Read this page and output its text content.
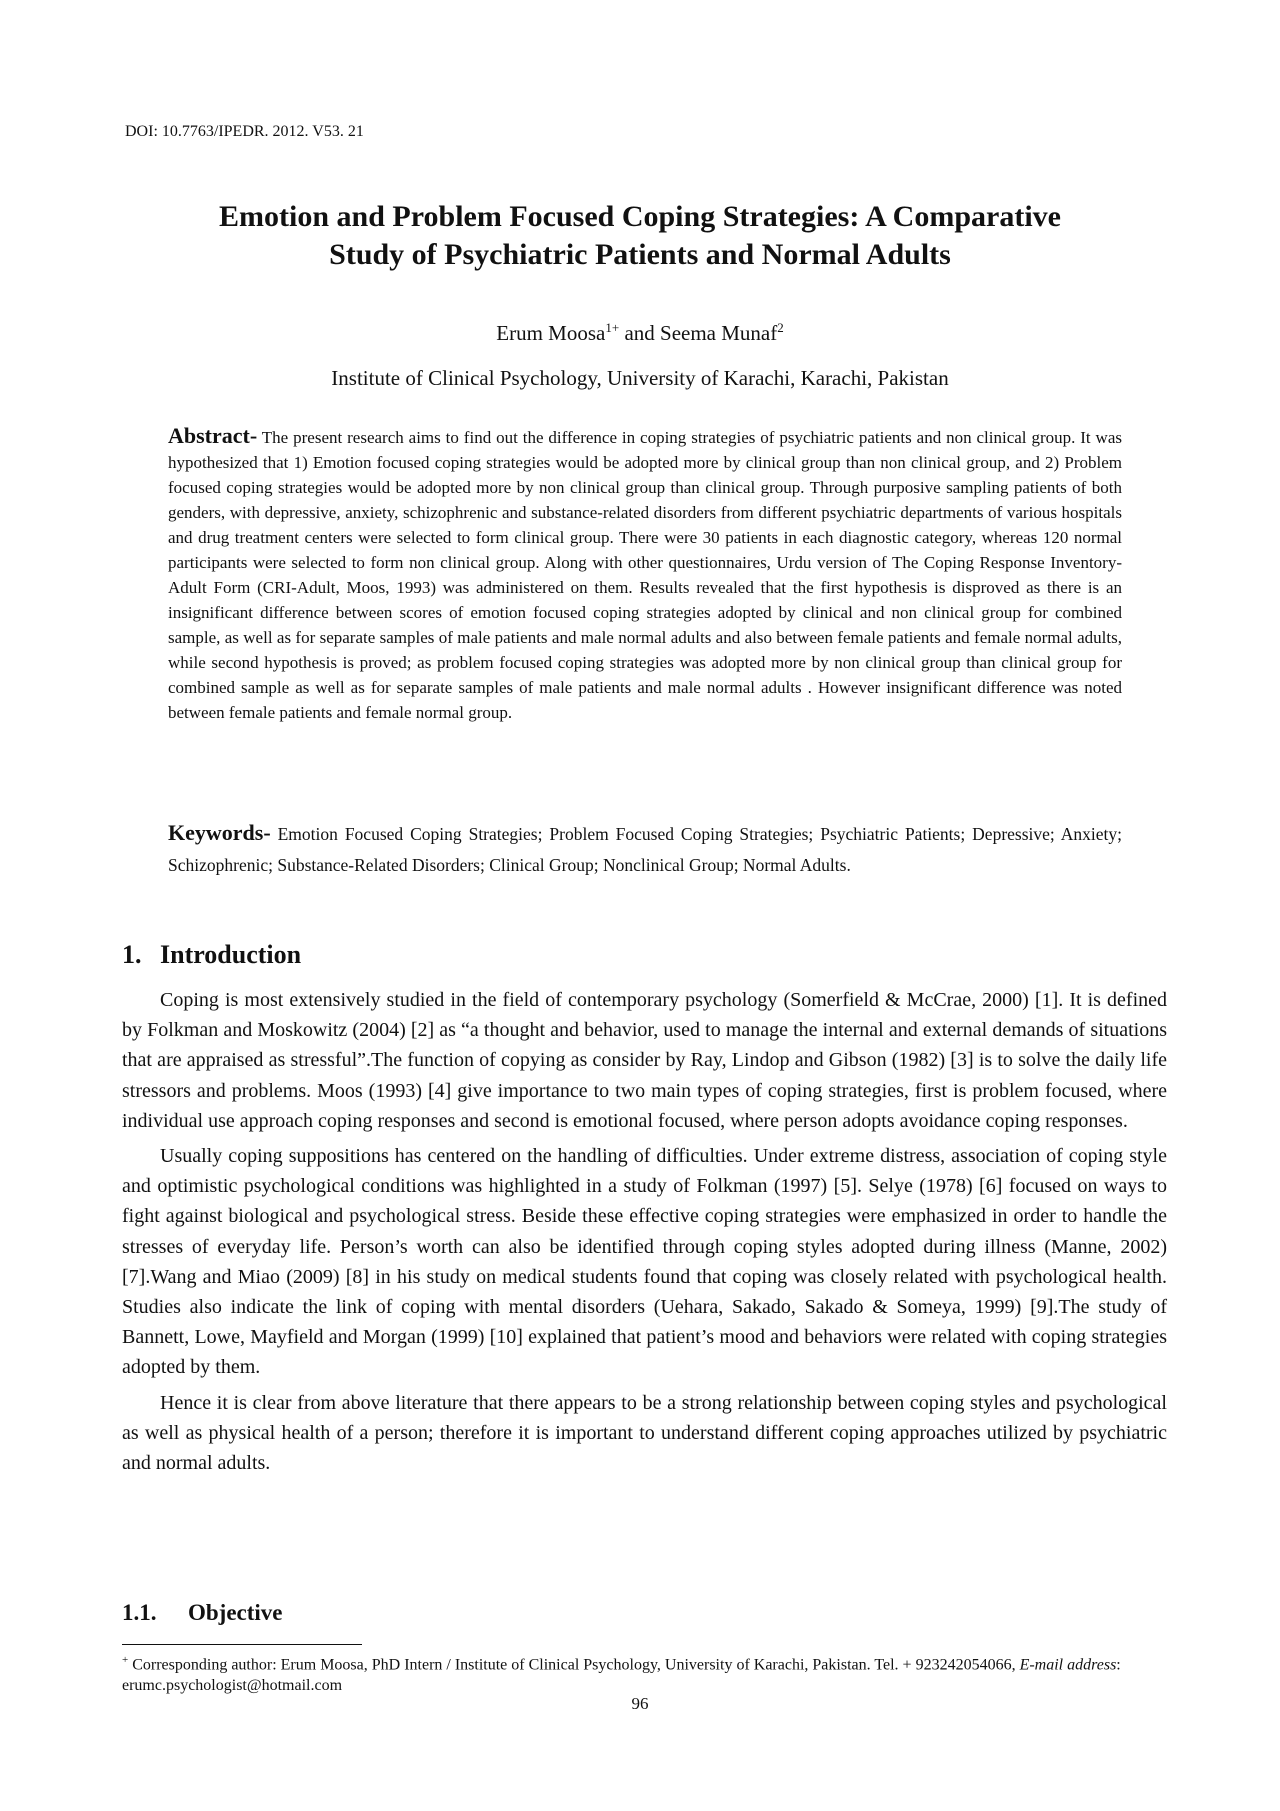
DOI: 10.7763/IPEDR. 2012. V53. 21
Emotion and Problem Focused Coping Strategies: A Comparative
Study of Psychiatric Patients and Normal Adults
Erum Moosa$^{1+}$ and Seema Munaf$^2$
Institute of Clinical Psychology, University of Karachi, Karachi, Pakistan

Abstract- The present research aims to find out the difference in coping strategies of psychiatric patients and non clinical group. It was hypothesized that 1) Emotion focused coping strategies would be adopted more by clinical group than non clinical group, and 2) Problem focused coping strategies would be adopted more by non clinical group than clinical group. Through purposive sampling patients of both genders, with depressive, anxiety, schizophrenic and substance-related disorders from different psychiatric departments of various hospitals and drug treatment centers were selected to form clinical group. There were 30 patients in each diagnostic category, whereas 120 normal participants were selected to form non clinical group. Along with other questionnaires, Urdu version of The Coping Response Inventory-Adult Form (CRI-Adult, Moos, 1993) was administered on them. Results revealed that the first hypothesis is disproved as there is an insignificant difference between scores of emotion focused coping strategies adopted by clinical and non clinical group for combined sample, as well as for separate samples of male patients and male normal adults and also between female patients and female normal adults, while second hypothesis is proved; as problem focused coping strategies was adopted more by non clinical group than clinical group for combined sample as well as for separate samples of male patients and male normal adults . However insignificant difference was noted between female patients and female normal group.

Keywords- Emotion Focused Coping Strategies; Problem Focused Coping Strategies; Psychiatric Patients; Depressive; Anxiety; Schizophrenic; Substance-Related Disorders; Clinical Group; Nonclinical Group; Normal Adults.

1. Introduction

Coping is most extensively studied in the field of contemporary psychology (Somerfield & McCrae, 2000) [1]. It is defined by Folkman and Moskowitz (2004) [2] as “a thought and behavior, used to manage the internal and external demands of situations that are appraised as stressful”.The function of copying as consider by Ray, Lindop and Gibson (1982) [3] is to solve the daily life stressors and problems. Moos (1993) [4] give importance to two main types of coping strategies, first is problem focused, where individual use approach coping responses and second is emotional focused, where person adopts avoidance coping responses.

Usually coping suppositions has centered on the handling of difficulties. Under extreme distress, association of coping style and optimistic psychological conditions was highlighted in a study of Folkman (1997) [5]. Selye (1978) [6] focused on ways to fight against biological and psychological stress. Beside these effective coping strategies were emphasized in order to handle the stresses of everyday life. Person’s worth can also be identified through coping styles adopted during illness (Manne, 2002) [7].Wang and Miao (2009) [8] in his study on medical students found that coping was closely related with psychological health. Studies also indicate the link of coping with mental disorders (Uehara, Sakado, Sakado & Someya, 1999) [9].The study of Bannett, Lowe, Mayfield and Morgan (1999) [10] explained that patient’s mood and behaviors were related with coping strategies adopted by them.

Hence it is clear from above literature that there appears to be a strong relationship between coping styles and psychological as well as physical health of a person; therefore it is important to understand different coping approaches utilized by psychiatric and normal adults.

1.1. Objective

+ Corresponding author: Erum Moosa, PhD Intern / Institute of Clinical Psychology, University of Karachi, Pakistan. Tel. + 923242054066, E-mail address: erumc.psychologist@hotmail.com

96
